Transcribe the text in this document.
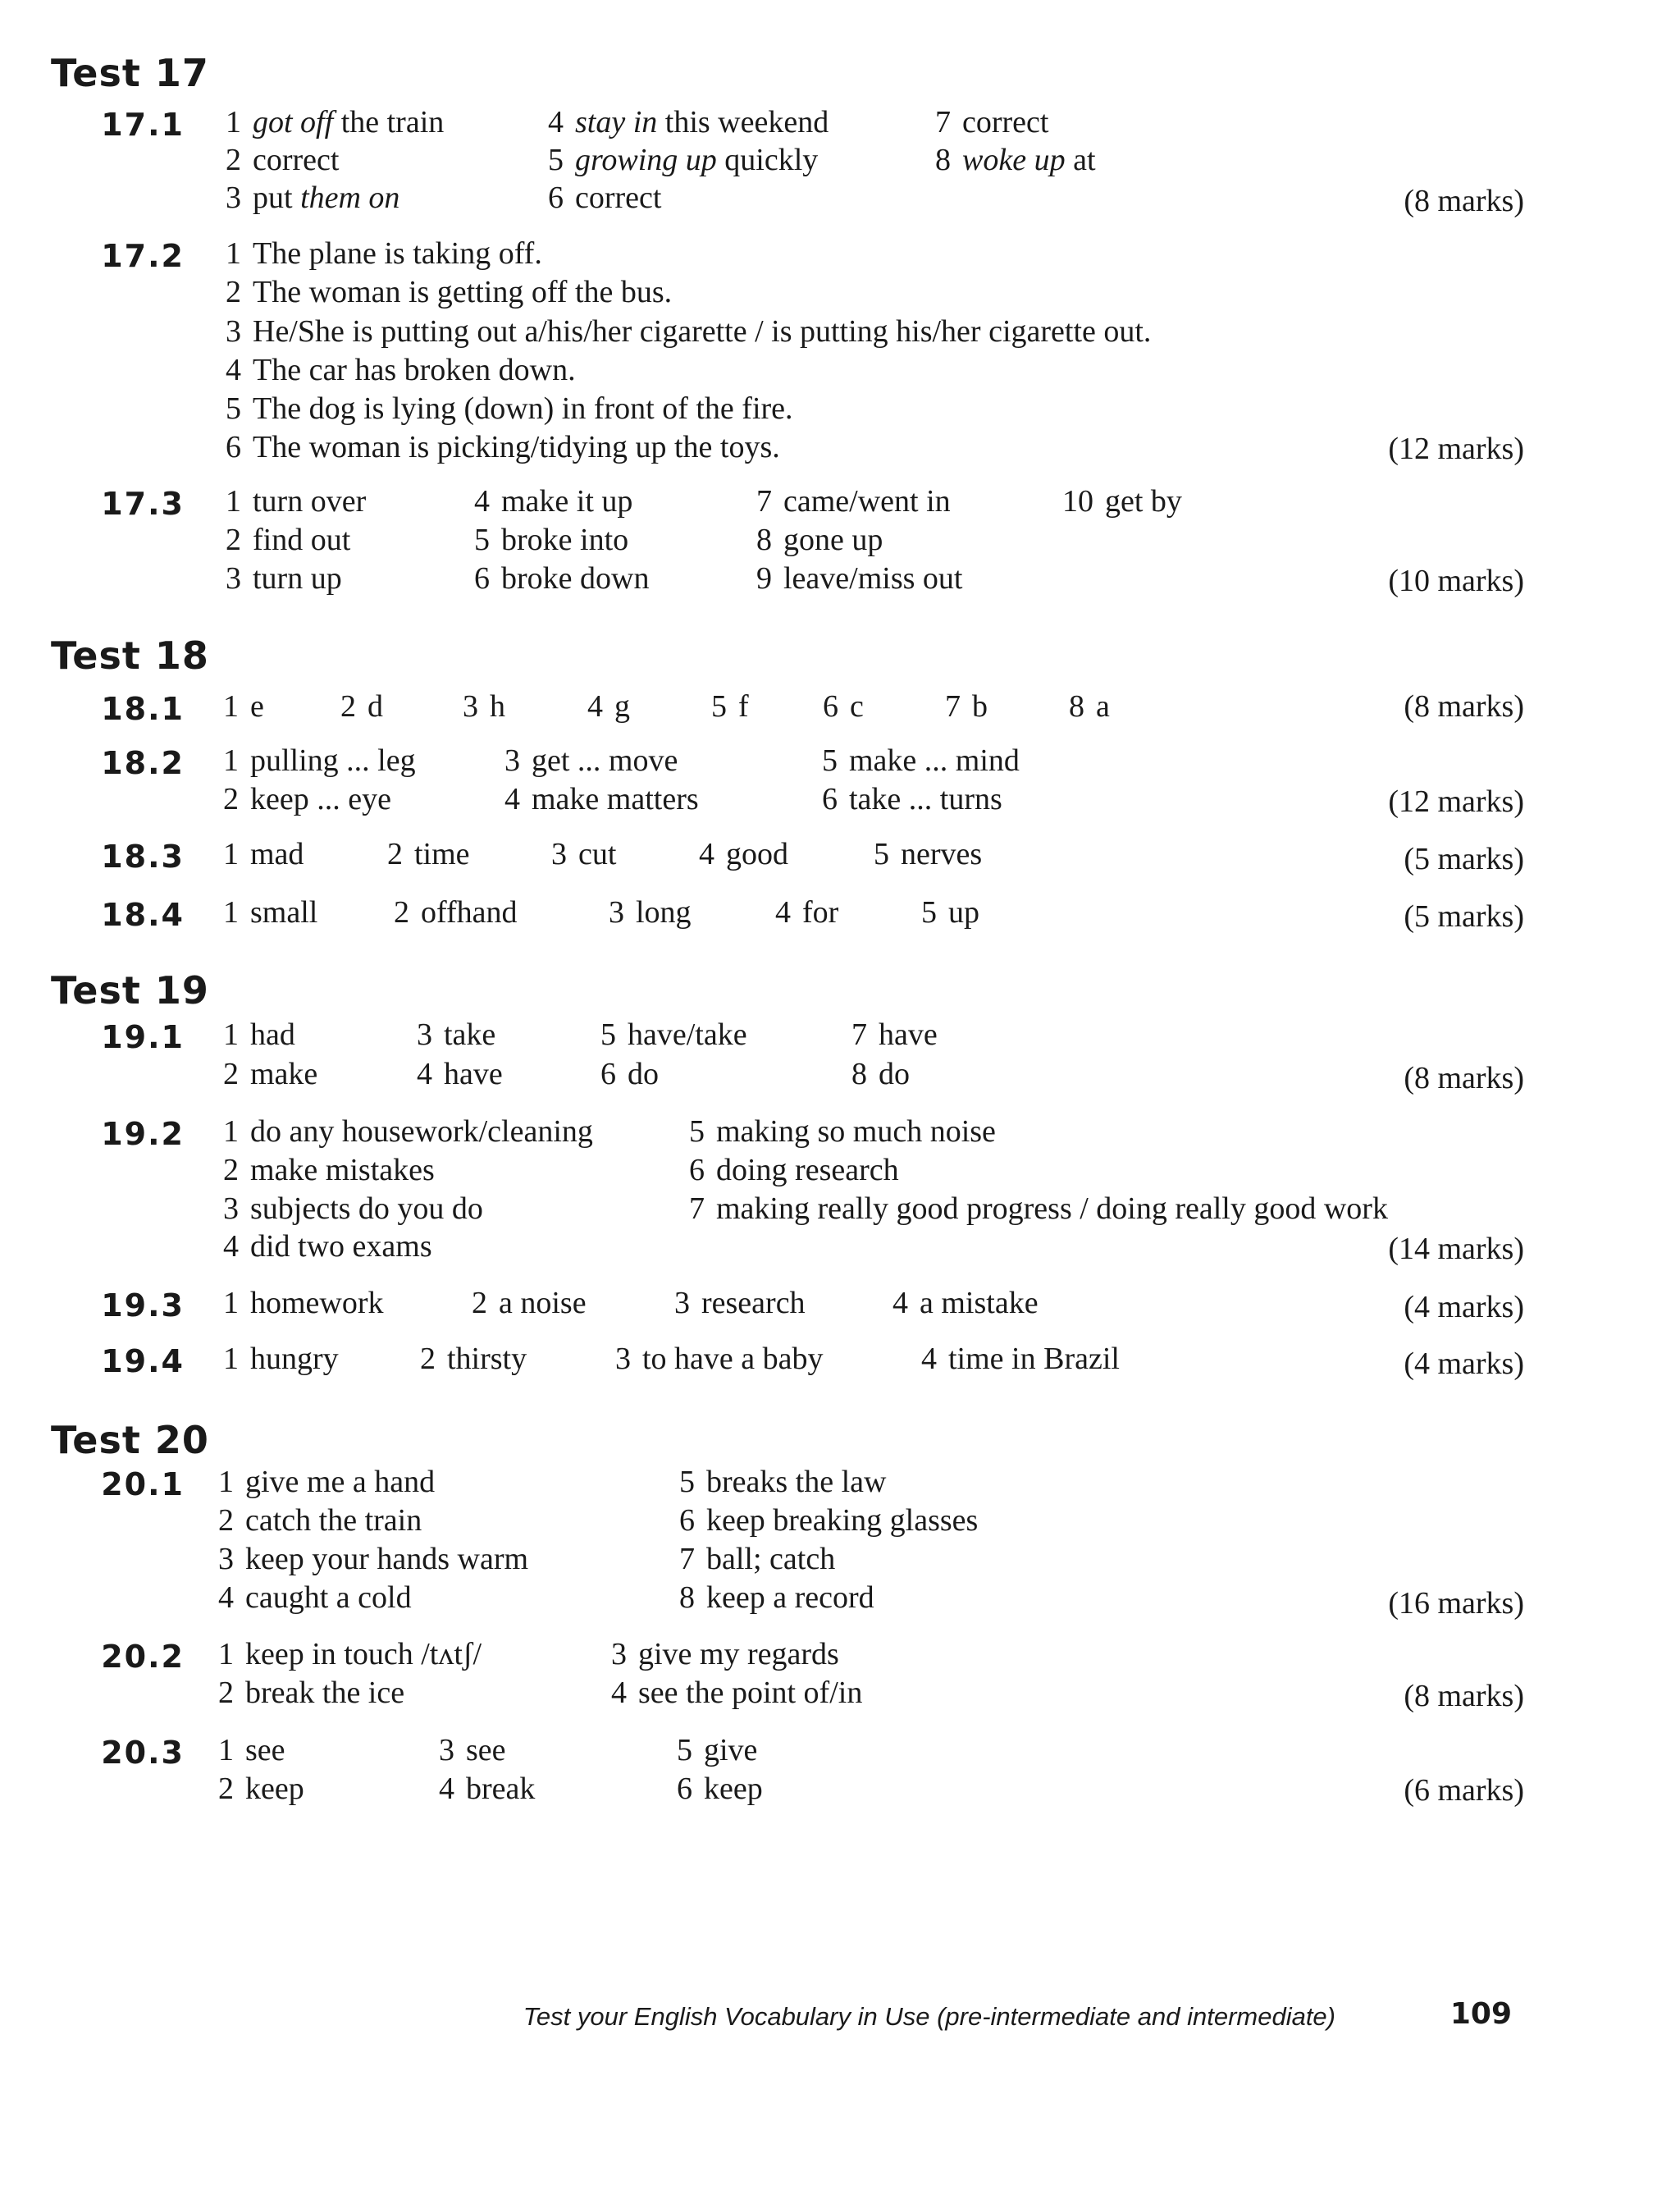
Test your English Vocabulary in Use (pre-intermediate and intermediate)	109
Test 17
17.1 1 got off the train	4 stay in this weekend	7 correct
2 correct	5 growing up quickly	8 woke up at
3 put them on	6 correct	(8 marks)
17.2 1 The plane is taking off.
2 The woman is getting off the bus.
3 He/She is putting out a/his/her cigarette / is putting his/her cigarette out.
4 The car has broken down.
5 The dog is lying (down) in front of the fire.
6 The woman is picking/tidying up the toys.	(12 marks)
17.3 1 turn over	4 make it up	7 came/went in	10 get by
2 find out	5 broke into	8 gone up
3 turn up	6 broke down	9 leave/miss out	(10 marks)
Test 18
18.1 1 e 2 d	3 h	4 g	5 f 6 c	7 b	8 a	(8 marks)
18.2 1 pulling ... leg	3 get ... move	5 make ... mind
2 keep ... eye	4 make matters	6 take ... turns	(12 marks)
18.3 1 mad	2 time	3 cut	4 good	5 nerves	(5 marks)
18.4 1 small 2 offhand	3 long	4 for	5 up	(5 marks)
Test 19
19.1 1 had	3 take	5 have/take	7 have
2 make	4 have	6 do	8 do	(8 marks)
19.2 1 do any housework/cleaning	5 making so much noise
2 make mistakes	6 doing research
3 subjects do you do	7 making really good progress / doing really good work
4 did two exams	(14 marks)
19.3 1 homework	2 a noise	3 research	4 a mistake	(4 marks)
19.4 1 hungry	2 thirsty	3 to have a baby	4 time in Brazil	(4 marks)
Test 20
20.1 1 give me a hand	5 breaks the law
2 catch the train	6 keep breaking glasses
3 keep your hands warm	7 ball; catch
4 caught a cold	8 keep a record	(16 marks)
20.2 1 keep in touch /tʌtʃ/	3 give my regards
2 break the ice	4 see the point of/in	(8 marks)
20.3 1 see	3 see	5 give
2 keep	4 break	6 keep	(6 marks)
